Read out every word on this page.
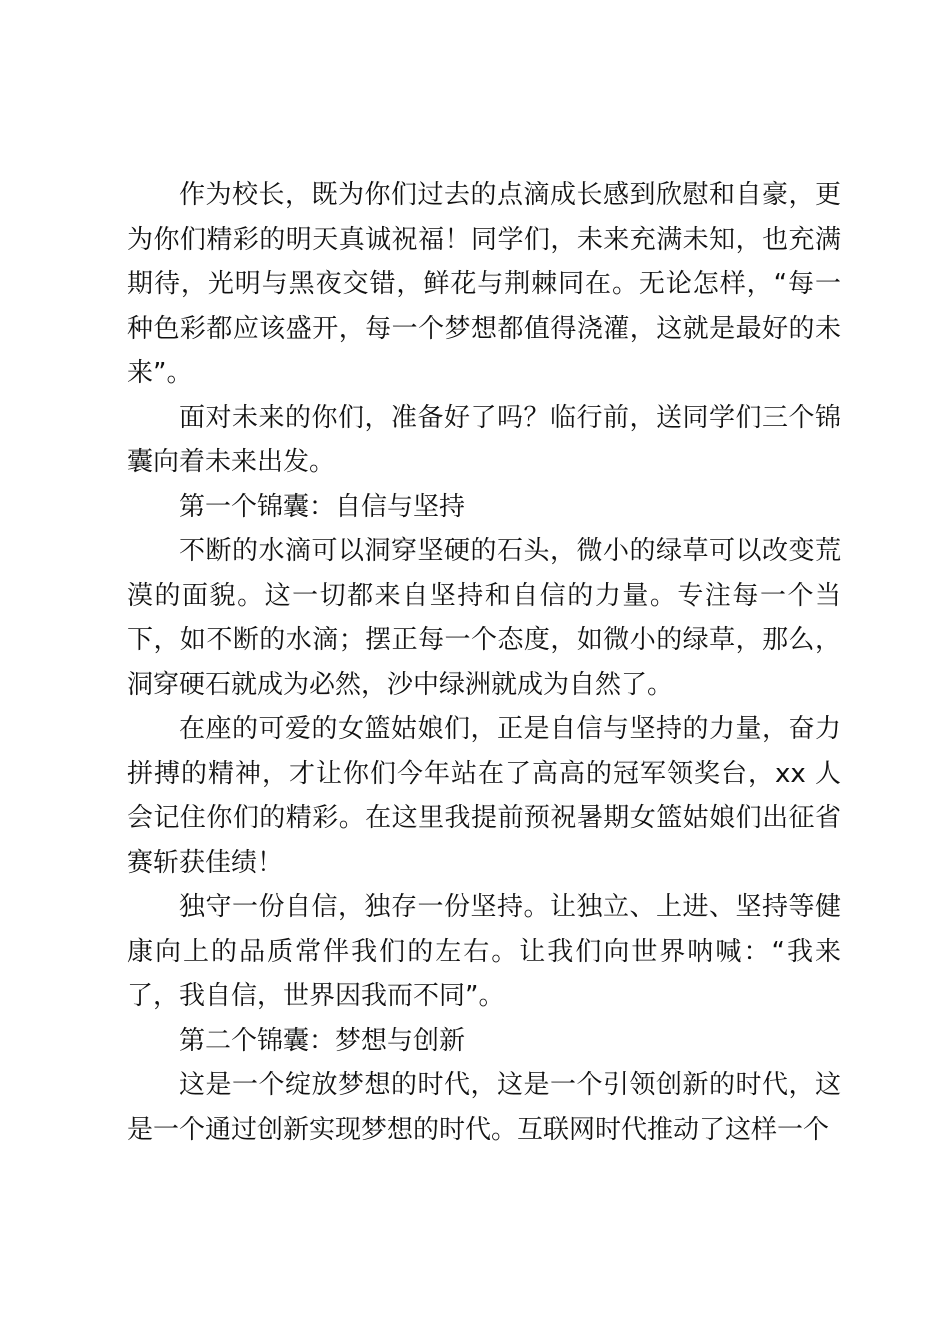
作为校长，既为你们过去的点滴成长感到欣慰和自豪，更为你们精彩的明天真诚祝福！同学们，未来充满未知，也充满期待，光明与黑夜交错，鲜花与荆棘同在。无论怎样，“每一种色彩都应该盛开，每一个梦想都值得浇灌，这就是最好的未来”。

面对未来的你们，准备好了吗？临行前，送同学们三个锦囊向着未来出发。

第一个锦囊：自信与坚持

不断的水滴可以洞穿坚硬的石头，微小的绿草可以改变荒漠的面貌。这一切都来自坚持和自信的力量。专注每一个当下，如不断的水滴；摆正每一个态度，如微小的绿草，那么，洞穿硬石就成为必然，沙中绿洲就成为自然了。

在座的可爱的女篮姑娘们，正是自信与坚持的力量，奋力拼搏的精神，才让你们今年站在了高高的冠军领奖台，xx 人会记住你们的精彩。在这里我提前预祝暑期女篮姑娘们出征省赛斩获佳绩！

独守一份自信，独存一份坚持。让独立、上进、坚持等健康向上的品质常伴我们的左右。让我们向世界呐喊：“我来了，我自信，世界因我而不同”。

第二个锦囊：梦想与创新

这是一个绽放梦想的时代，这是一个引领创新的时代，这是一个通过创新实现梦想的时代。互联网时代推动了这样一个
